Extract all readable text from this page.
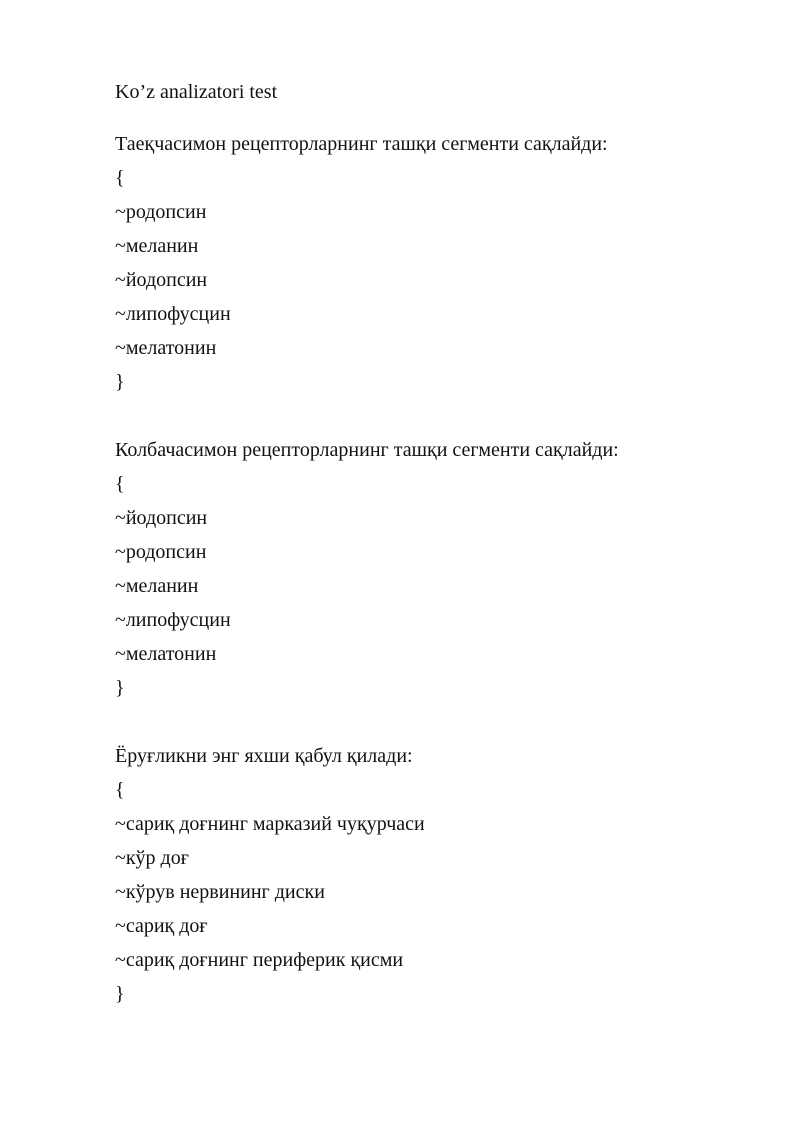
Ko’z analizatori test

Таеқчасимон рецепторларнинг ташқи сегменти сақлайди:

{

~родопсин

~меланин

~йодопсин

~липофусцин

~мелатонин

}

Колбачасимон рецепторларнинг ташқи сегменти сақлайди:

{

~йодопсин

~родопсин

~меланин

~липофусцин

~мелатонин

}

Ёруғликни энг яхши қабул қилади:

{

~сариқ доғнинг марказий чуқурчаси

~кўр доғ

~кўрув нервининг диски

~сариқ доғ

~сариқ доғнинг периферик қисми

}
